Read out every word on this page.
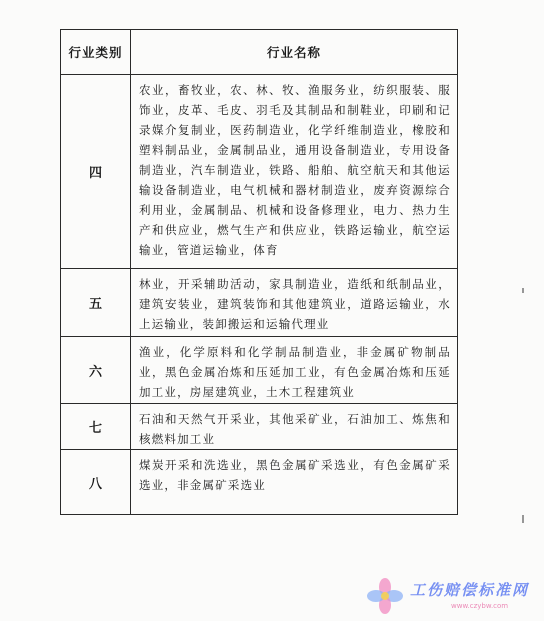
行业类别	行业名称
四
农业，畜牧业，农、林、牧、渔服务业，纺织服装、服饰业，皮革、毛皮、羽毛及其制品和制鞋业，印刷和记录媒介复制业，医药制造业，化学纤维制造业，橡胶和塑料制品业，金属制品业，通用设备制造业，专用设备制造业，汽车制造业，铁路、船舶、航空航天和其他运输设备制造业，电气机械和器材制造业，废弃资源综合利用业，金属制品、机械和设备修理业，电力、热力生产和供应业，燃气生产和供应业，铁路运输业，航空运输业，管道运输业，体育
五
林业，开采辅助活动，家具制造业，造纸和纸制品业，建筑安装业，建筑装饰和其他建筑业，道路运输业，水上运输业，装卸搬运和运输代理业
六
渔业，化学原料和化学制品制造业，非金属矿物制品业，黑色金属冶炼和压延加工业，有色金属冶炼和压延加工业，房屋建筑业，土木工程建筑业
七
石油和天然气开采业，其他采矿业，石油加工、炼焦和核燃料加工业
八
煤炭开采和洗选业，黑色金属矿采选业，有色金属矿采选业，非金属矿采选业
工伤赔偿标准网
www.czybw.com
